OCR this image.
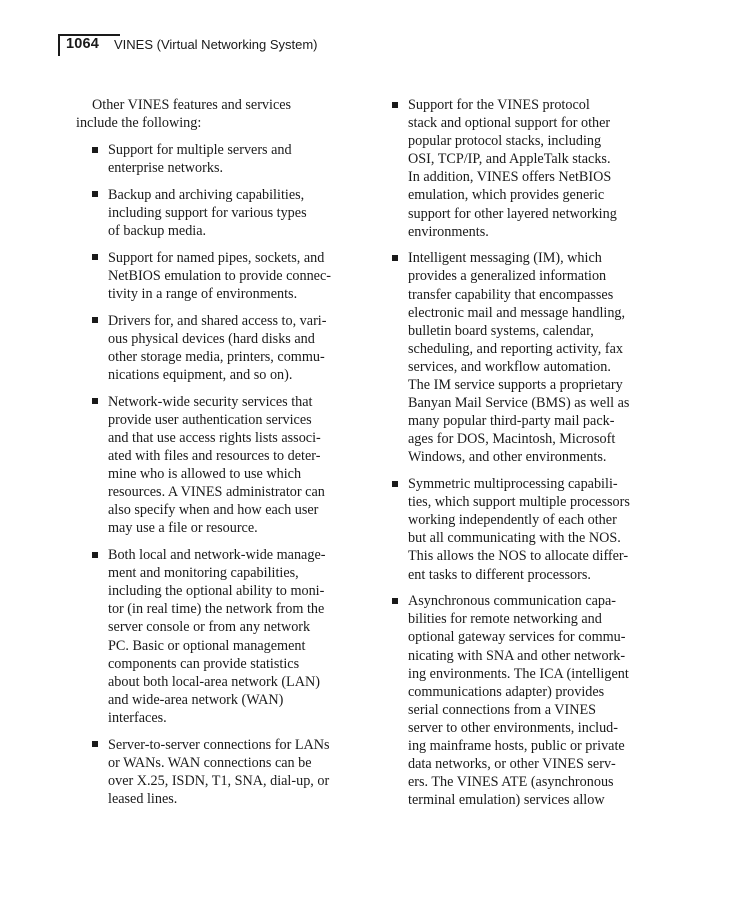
1064 VINES (Virtual Networking System)
Other VINES features and services
include the following:
Support for multiple servers and
enterprise networks.
Backup and archiving capabilities,
including support for various types
of backup media.
Support for named pipes, sockets, and
NetBIOS emulation to provide connec-
tivity in a range of environments.
Drivers for, and shared access to, vari-
ous physical devices (hard disks and
other storage media, printers, commu-
nications equipment, and so on).
Network-wide security services that
provide user authentication services
and that use access rights lists associ-
ated with files and resources to deter-
mine who is allowed to use which
resources. A VINES administrator can
also specify when and how each user
may use a file or resource.
Both local and network-wide manage-
ment and monitoring capabilities,
including the optional ability to moni-
tor (in real time) the network from the
server console or from any network
PC. Basic or optional management
components can provide statistics
about both local-area network (LAN)
and wide-area network (WAN)
interfaces.
Server-to-server connections for LANs
or WANs. WAN connections can be
over X.25, ISDN, T1, SNA, dial-up, or
leased lines.
Support for the VINES protocol
stack and optional support for other
popular protocol stacks, including
OSI, TCP/IP, and AppleTalk stacks.
In addition, VINES offers NetBIOS
emulation, which provides generic
support for other layered networking
environments.
Intelligent messaging (IM), which
provides a generalized information
transfer capability that encompasses
electronic mail and message handling,
bulletin board systems, calendar,
scheduling, and reporting activity, fax
services, and workflow automation.
The IM service supports a proprietary
Banyan Mail Service (BMS) as well as
many popular third-party mail pack-
ages for DOS, Macintosh, Microsoft
Windows, and other environments.
Symmetric multiprocessing capabili-
ties, which support multiple processors
working independently of each other
but all communicating with the NOS.
This allows the NOS to allocate differ-
ent tasks to different processors.
Asynchronous communication capa-
bilities for remote networking and
optional gateway services for commu-
nicating with SNA and other network-
ing environments. The ICA (intelligent
communications adapter) provides
serial connections from a VINES
server to other environments, includ-
ing mainframe hosts, public or private
data networks, or other VINES serv-
ers. The VINES ATE (asynchronous
terminal emulation) services allow
